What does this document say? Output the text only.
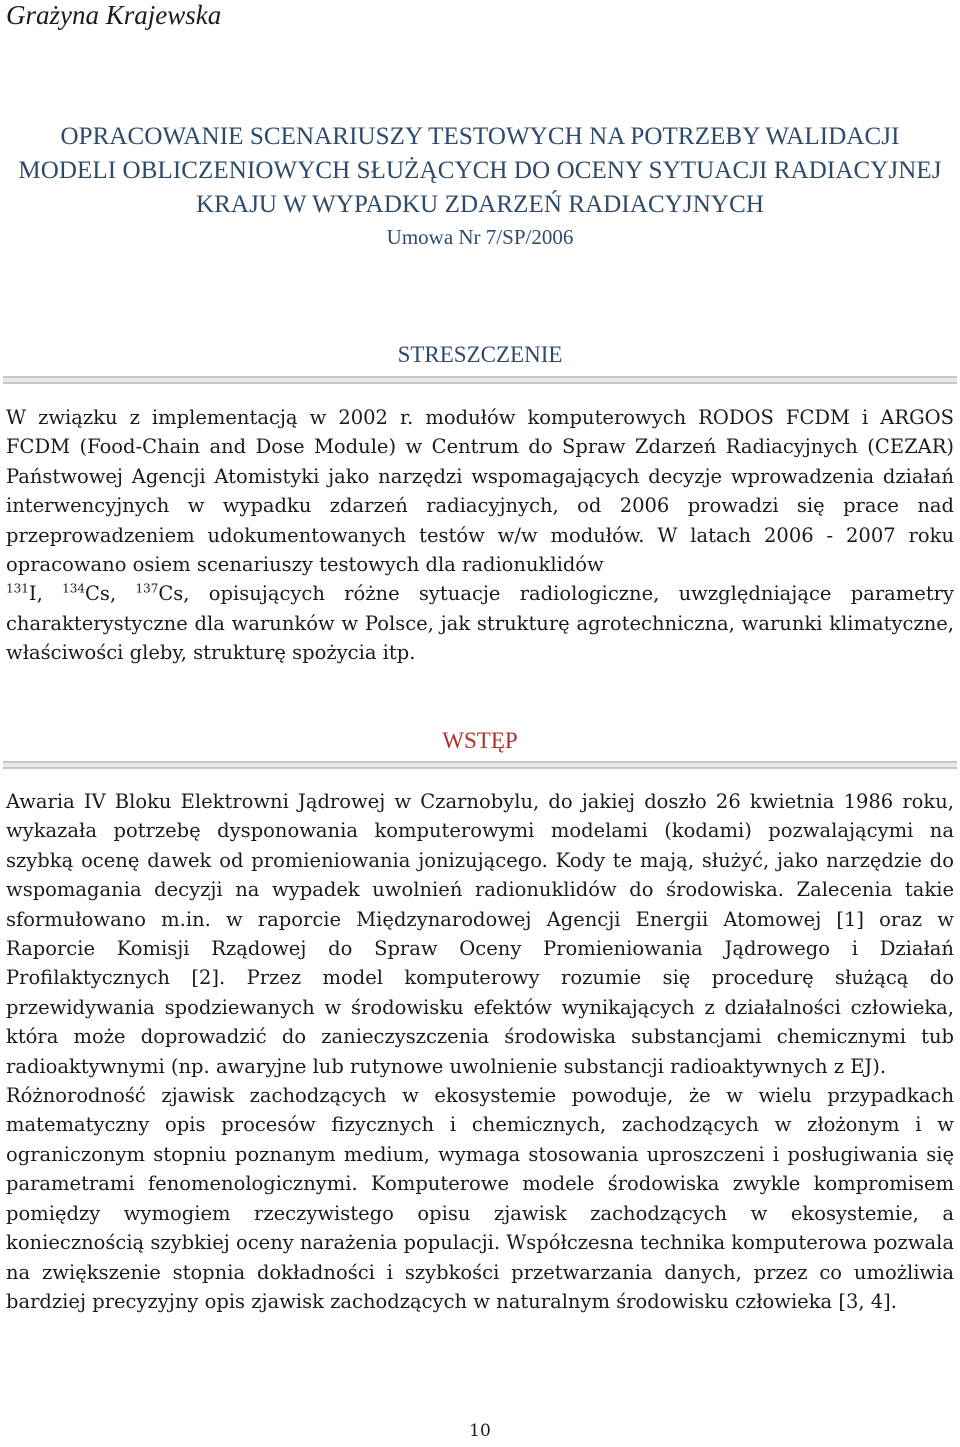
Grażyna Krajewska

OPRACOWANIE SCENARIUSZY TESTOWYCH NA POTRZEBY WALIDACJI
MODELI OBLICZENIOWYCH SŁUŻĄCYCH DO OCENY SYTUACJI RADIACYJNEJ
KRAJU W WYPADKU ZDARZEŃ RADIACYJNYCH
Umowa Nr 7/SP/2006
STRESZCZENIE

W związku z implementacją w 2002 r. modułów komputerowych RODOS FCDM i ARGOS FCDM (Food-Chain and Dose Module) w Centrum do Spraw Zdarzeń Radiacyjnych (CEZAR) Państwowej Agencji Atomistyki jako narzędzi wspomagających decyzje wprowadzenia działań interwencyjnych w wypadku zdarzeń radiacyjnych, od 2006 prowadzi się prace nad przeprowadzeniem udokumentowanych testów w/w modułów. W latach 2006 - 2007 roku opracowano osiem scenariuszy testowych dla radionuklidów
$^{131}$I, $^{134}$Cs, $^{137}$Cs, opisujących różne sytuacje radiologiczne, uwzględniające parametry charakterystyczne dla warunków w Polsce, jak strukturę agrotechniczna, warunki klimatyczne, właściwości gleby, strukturę spożycia itp.

WSTĘP

Awaria IV Bloku Elektrowni Jądrowej w Czarnobylu, do jakiej doszło 26 kwietnia 1986 roku, wykazała potrzebę dysponowania komputerowymi modelami (kodami) pozwalającymi na szybką ocenę dawek od promieniowania jonizującego. Kody te mają, służyć, jako narzędzie do wspomagania decyzji na wypadek uwolnień radionuklidów do środowiska. Zalecenia takie sformułowano m.in. w raporcie Międzynarodowej Agencji Energii Atomowej [1] oraz w Raporcie Komisji Rządowej do Spraw Oceny Promieniowania Jądrowego i Działań Profilaktycznych [2]. Przez model komputerowy rozumie się procedurę służącą do przewidywania spodziewanych w środowisku efektów wynikających z działalności człowieka, która może doprowadzić do zanieczyszczenia środowiska substancjami chemicznymi tub radioaktywnymi (np. awaryjne lub rutynowe uwolnienie substancji radioaktywnych z EJ).

Różnorodność zjawisk zachodzących w ekosystemie powoduje, że w wielu przypadkach matematyczny opis procesów fizycznych i chemicznych, zachodzących w złożonym i w ograniczonym stopniu poznanym medium, wymaga stosowania uproszczeni i posługiwania się parametrami fenomenologicznymi. Komputerowe modele środowiska zwykle kompromisem pomiędzy wymogiem rzeczywistego opisu zjawisk zachodzących w ekosystemie, a koniecznością szybkiej oceny narażenia populacji. Współczesna technika komputerowa pozwala na zwiększenie stopnia dokładności i szybkości przetwarzania danych, przez co umożliwia bardziej precyzyjny opis zjawisk zachodzących w naturalnym środowisku człowieka [3, 4].

10
